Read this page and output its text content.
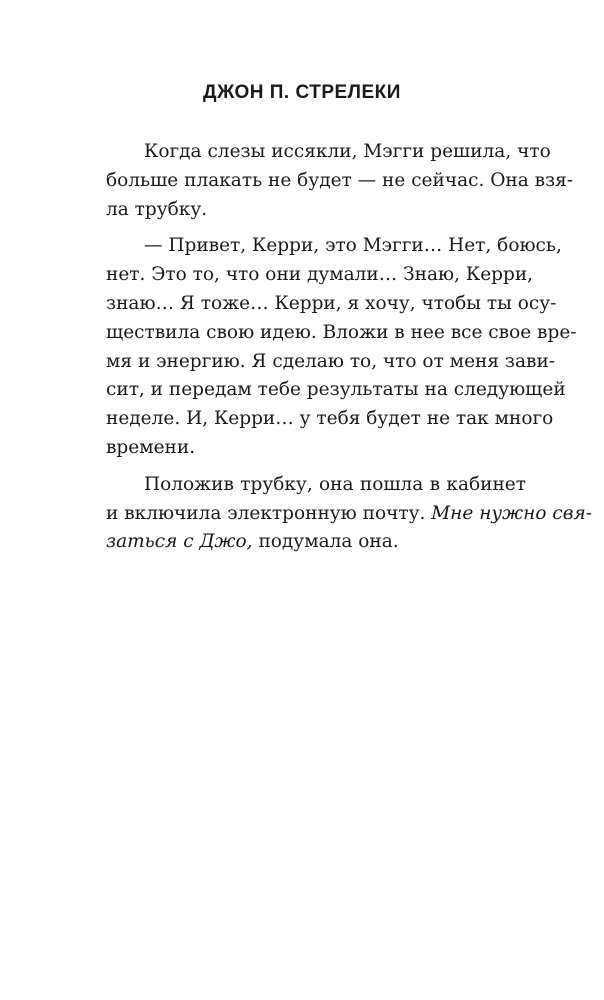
ДЖОН П. СТРЕЛЕКИ
Когда слезы иссякли, Мэгги решила, что
больше плакать не будет — не сейчас. Она взя-
ла трубку.
— Привет, Керри, это Мэгги… Нет, боюсь,
нет. Это то, что они думали… Знаю, Керри,
знаю… Я тоже… Керри, я хочу, чтобы ты осу-
ществила свою идею. Вложи в нее все свое вре-
мя и энергию. Я сделаю то, что от меня зави-
сит, и передам тебе результаты на следующей
неделе. И, Керри… у тебя будет не так много
времени.
Положив трубку, она пошла в кабинет
и включила электронную почту. Мне нужно свя-
заться с Джо, подумала она.
